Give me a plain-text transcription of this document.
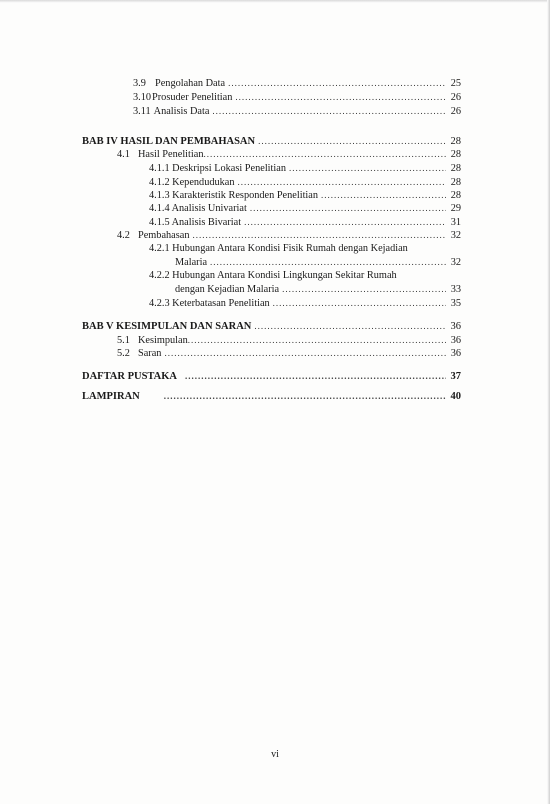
3.9 Pengolahan Data .....	25
3.10 Prosuder Penelitian .....	26
3.11 Analisis Data .....	26
BAB IV HASIL DAN PEMBAHASAN .....	28
4.1 Hasil Penelitian .....	28
4.1.1 Deskripsi Lokasi Penelitian .....	28
4.1.2 Kependudukan .....	28
4.1.3 Karakteristik Responden Penelitian .....	28
4.1.4 Analisis Univariat .....	29
4.1.5 Analisis Bivariat .....	31
4.2 Pembahasan .....	32
4.2.1 Hubungan Antara Kondisi Fisik Rumah dengan Kejadian
Malaria .....	32
4.2.2 Hubungan Antara Kondisi Lingkungan Sekitar Rumah
dengan Kejadian Malaria .....	33
4.2.3 Keterbatasan Penelitian .....	35
BAB V KESIMPULAN DAN SARAN .....	36
5.1 Kesimpulan .....	36
5.2 Saran .....	36
DAFTAR PUSTAKA .....	37
LAMPIRAN .....	40
vi
